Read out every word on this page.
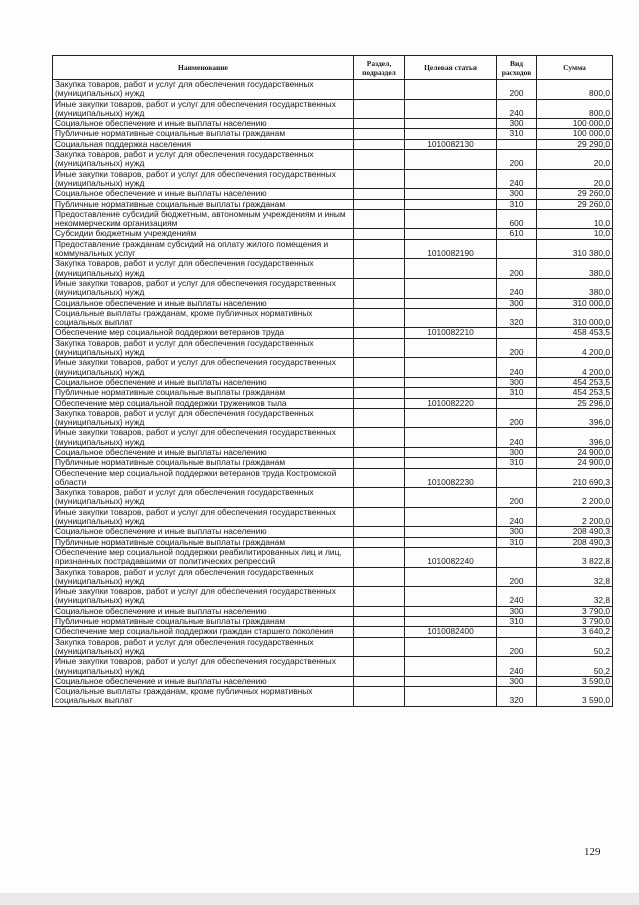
Наименование	Раздел, подраздел	Целевая статья	Вид расходов	Сумма
Закупка товаров, работ и услуг для обеспечения государственных (муниципальных) нужд			200	800,0
Иные закупки товаров, работ и услуг для обеспечения государственных (муниципальных) нужд			240	800,0
Социальное обеспечение и иные выплаты населению			300	100 000,0
Публичные нормативные социальные выплаты гражданам			310	100 000,0
Социальная поддержка населения		1010082130		29 290,0
Закупка товаров, работ и услуг для обеспечения государственных (муниципальных) нужд			200	20,0
Иные закупки товаров, работ и услуг для обеспечения государственных (муниципальных) нужд			240	20,0
Социальное обеспечение и иные выплаты населению			300	29 260,0
Публичные нормативные социальные выплаты гражданам			310	29 260,0
Предоставление субсидий бюджетным, автономным учреждениям и иным некоммерческим организациям			600	10,0
Субсидии бюджетным учреждениям			610	10,0
Предоставление гражданам субсидий на оплату жилого помещения и коммунальных услуг		1010082190		310 380,0
Закупка товаров, работ и услуг для обеспечения государственных (муниципальных) нужд			200	380,0
Иные закупки товаров, работ и услуг для обеспечения государственных (муниципальных) нужд			240	380,0
Социальное обеспечение и иные выплаты населению			300	310 000,0
Социальные выплаты гражданам, кроме публичных нормативных социальных выплат			320	310 000,0
Обеспечение мер социальной поддержки ветеранов труда		1010082210		458 453,5
Закупка товаров, работ и услуг для обеспечения государственных (муниципальных) нужд			200	4 200,0
Иные закупки товаров, работ и услуг для обеспечения государственных (муниципальных) нужд			240	4 200,0
Социальное обеспечение и иные выплаты населению			300	454 253,5
Публичные нормативные социальные выплаты гражданам			310	454 253,5
Обеспечение мер социальной поддержки тружеников тыла		1010082220		25 296,0
Закупка товаров, работ и услуг для обеспечения государственных (муниципальных) нужд			200	396,0
Иные закупки товаров, работ и услуг для обеспечения государственных (муниципальных) нужд			240	396,0
Социальное обеспечение и иные выплаты населению			300	24 900,0
Публичные нормативные социальные выплаты гражданам			310	24 900,0
Обеспечение мер социальной поддержки ветеранов труда Костромской области		1010082230		210 690,3
Закупка товаров, работ и услуг для обеспечения государственных (муниципальных) нужд			200	2 200,0
Иные закупки товаров, работ и услуг для обеспечения государственных (муниципальных) нужд			240	2 200,0
Социальное обеспечение и иные выплаты населению			300	208 490,3
Публичные нормативные социальные выплаты гражданам			310	208 490,3
Обеспечение мер социальной поддержки реабилитированных лиц и лиц, признанных пострадавшими от политических репрессий		1010082240		3 822,8
Закупка товаров, работ и услуг для обеспечения государственных (муниципальных) нужд			200	32,8
Иные закупки товаров, работ и услуг для обеспечения государственных (муниципальных) нужд			240	32,8
Социальное обеспечение и иные выплаты населению			300	3 790,0
Публичные нормативные социальные выплаты гражданам			310	3 790,0
Обеспечение мер социальной поддержки граждан старшего поколения		1010082400		3 640,2
Закупка товаров, работ и услуг для обеспечения государственных (муниципальных) нужд			200	50,2
Иные закупки товаров, работ и услуг для обеспечения государственных (муниципальных) нужд			240	50,2
Социальное обеспечение и иные выплаты населению			300	3 590,0
Социальные выплаты гражданам, кроме публичных нормативных социальных выплат			320	3 590,0
129
